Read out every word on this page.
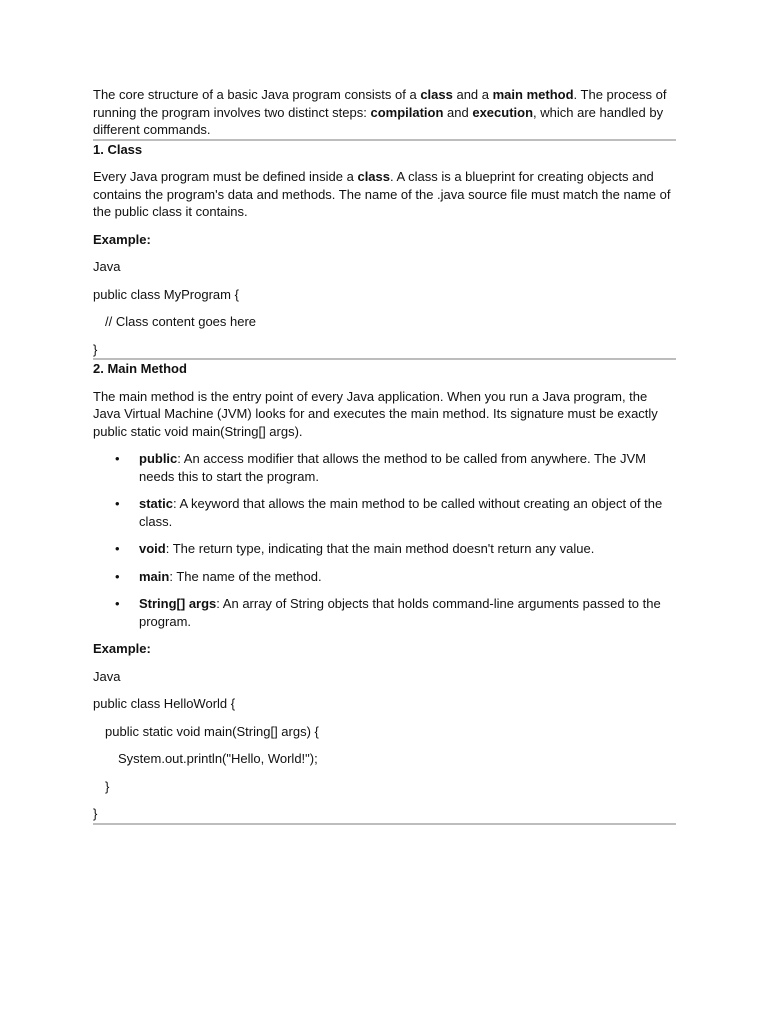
The core structure of a basic Java program consists of a class and a main method. The process of running the program involves two distinct steps: compilation and execution, which are handled by different commands.

1. Class

Every Java program must be defined inside a class. A class is a blueprint for creating objects and contains the program's data and methods. The name of the .java source file must match the name of the public class it contains.

Example:

Java

public class MyProgram {

// Class content goes here

}

2. Main Method

The main method is the entry point of every Java application. When you run a Java program, the Java Virtual Machine (JVM) looks for and executes the main method. Its signature must be exactly public static void main(String[] args).

• public: An access modifier that allows the method to be called from anywhere. The JVM needs this to start the program.
• static: A keyword that allows the main method to be called without creating an object of the class.
• void: The return type, indicating that the main method doesn't return any value.
• main: The name of the method.
• String[] args: An array of String objects that holds command-line arguments passed to the program.

Example:

Java

public class HelloWorld {

public static void main(String[] args) {

System.out.println("Hello, World!");

}

}
